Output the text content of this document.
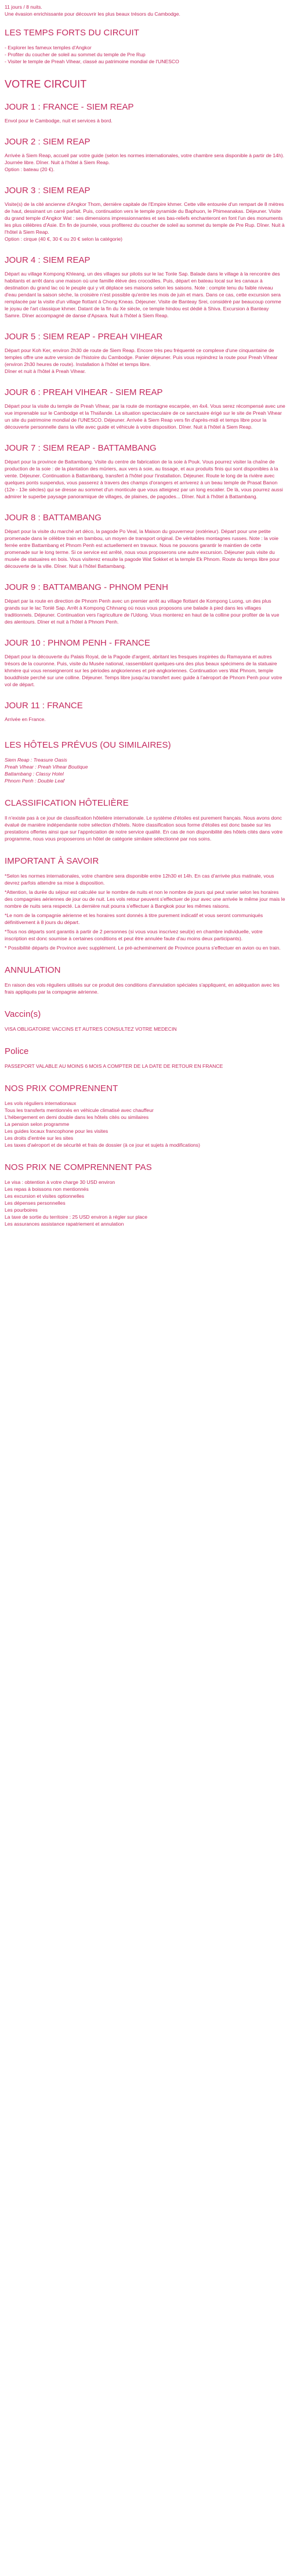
11 jours / 8 nuits.
Une évasion enrichissante pour découvrir les plus beaux trésors du Cambodge.
LES TEMPS FORTS DU CIRCUIT
- Explorer les fameux temples d'Angkor
- Profiter du coucher de soleil au sommet du temple de Pre Rup
- Visiter le temple de Preah Vihear, classé au patrimoine mondial de l'UNESCO
VOTRE CIRCUIT
JOUR 1 : FRANCE - SIEM REAP
Envol pour le Cambodge, nuit et services à bord.
JOUR 2 : SIEM REAP
Arrivée à Siem Reap, accueil par votre guide (selon les normes internationales, votre chambre sera disponible à partir de 14h). Journée libre. Dîner. Nuit à l'hôtel à Siem Reap.
Option : bateau (20 €).
JOUR 3 : SIEM REAP
Visite(s) de la cité ancienne d'Angkor Thom, dernière capitale de l'Empire khmer. Cette ville entourée d'un rempart de 8 mètres de haut, dessinant un carré parfait. Puis, continuation vers le temple pyramide du Baphuon, le Phimeanakas. Déjeuner. Visite du grand temple d'Angkor Wat : ses dimensions impressionnantes et ses bas-reliefs enchanteront en font l'un des monuments les plus célèbres d'Asie. En fin de journée, vous profiterez du coucher de soleil au sommet du temple de Pre Rup. Dîner. Nuit à l'hôtel à Siem Reap.
Option : cirque (40 €, 30 € ou 20 € selon la catégorie)
JOUR 4 : SIEM REAP
Départ au village Kompong Khleang, un des villages sur pilotis sur le lac Tonle Sap. Balade dans le village à la rencontre des habitants et arrêt dans une maison où une famille élève des crocodiles. Puis, départ en bateau local sur les canaux à destination du grand lac où le peuple qui y vit déplace ses maisons selon les saisons. Note : compte tenu du faible niveau d'eau pendant la saison sèche, la croisière n'est possible qu'entre les mois de juin et mars. Dans ce cas, cette excursion sera remplacée par la visite d'un village flottant à Chong Kneas. Déjeuner. Visite de Banteay Srei, considéré par beaucoup comme le joyau de l'art classique khmer. Datant de la fin du Xe siècle, ce temple hindou est dédié à Shiva. Excursion à Banteay Samre. Dîner accompagné de danse d'Apsara. Nuit à l'hôtel à Siem Reap.
JOUR 5 : SIEM REAP - PREAH VIHEAR
Départ pour Koh Ker, environ 2h30 de route de Siem Reap. Encore très peu fréquenté ce complexe d'une cinquantaine de temples offre une autre version de l'histoire du Cambodge. Panier déjeuner. Puis vous rejoindrez la route pour Preah Vihear (environ 2h30 heures de route). Installation à l'hôtel et temps libre.
Dîner et nuit à l'hôtel à Preah Vihear.
JOUR 6 : PREAH VIHEAR - SIEM REAP
Départ pour la visite du temple de Preah Vihear, par la route de montagne escarpée, en 4x4. Vous serez récompensé avec une vue imprenable sur le Cambodge et la Thaïlande. La situation spectaculaire de ce sanctuaire érigé sur le site de Preah Vihear un site du patrimoine mondial de l'UNESCO. Déjeuner. Arrivée à Siem Reap vers fin d'après-midi et temps libre pour la découverte personnelle dans la ville avec guide et véhicule à votre disposition. Dîner. Nuit à l'hôtel à Siem Reap.
JOUR 7 : SIEM REAP - BATTAMBANG
Départ pour la province de Battambang. Visite du centre de fabrication de la soie à Pouk. Vous pourrez visiter la chaîne de production de la soie : de la plantation des mûriers, aux vers à soie, au tissage, et aux produits finis qui sont disponibles à la vente. Déjeuner. Continuation à Battambang, transfert à l'hôtel pour l'installation. Déjeuner. Route le long de la rivière avec quelques ponts suspendus, vous passerez à travers des champs d'orangers et arriverez à un beau temple de Prasat Banon (12e - 13e siècles) qui se dresse au sommet d'un monticule que vous atteignez par un long escalier. De là, vous pourrez aussi admirer le superbe paysage panoramique de villages, de plaines, de pagodes... Dîner. Nuit à l'hôtel à Battambang.
JOUR 8 : BATTAMBANG
Départ pour la visite du marché art déco, la pagode Po Veal, la Maison du gouverneur (extérieur). Départ pour une petite promenade dans le célèbre train en bambou, un moyen de transport original. De véritables montagnes russes. Note : la voie ferrée entre Battambang et Phnom Penh est actuellement en travaux. Nous ne pouvons garantir le maintien de cette promenade sur le long terme. Si ce service est arrêté, nous vous proposerons une autre excursion. Déjeuner puis visite du musée de statuaires en bois. Vous visiterez ensuite la pagode Wat Sokket et la temple Ek Phnom. Route du temps libre pour découverte de la ville. Dîner. Nuit à l'hôtel Battambang.
JOUR 9 : BATTAMBANG - PHNOM PENH
Départ par la route en direction de Phnom Penh avec un premier arrêt au village flottant de Kompong Luong, un des plus grands sur le lac Tonlé Sap. Arrêt à Kompong Chhnang où nous vous proposons une balade à pied dans les villages traditionnels. Déjeuner. Continuation vers l'agriculture de l'Udong. Vous monterez en haut de la colline pour profiter de la vue des alentours. Dîner et nuit à l'hôtel à Phnom Penh.
JOUR 10 : PHNOM PENH - FRANCE
Départ pour la découverte du Palais Royal, de la Pagode d'argent, abritant les fresques inspirées du Ramayana et autres trésors de la couronne. Puis, visite du Musée national, rassemblant quelques-uns des plus beaux spécimens de la statuaire khmère qui vous renseigneront sur les périodes angkoriennes et pré-angkoriennes. Continuation vers Wat Phnom, temple bouddhiste perché sur une colline. Déjeuner. Temps libre jusqu'au transfert avec guide à l'aéroport de Phnom Penh pour votre vol de départ.
JOUR 11 : FRANCE
Arrivée en France.
LES HÔTELS PRÉVUS (OU SIMILAIRES)
Siem Reap : Treasure Oasis
Preah Vihear : Preah Vihear Boutique
Battambang : Classy Hotel
Phnom Penh : Double Leaf
CLASSIFICATION HÔTELIÈRE
Il n'existe pas à ce jour de classification hôtelière internationale. Le système d'étoiles est purement français. Nous avons donc évalué de manière indépendante notre sélection d'hôtels. Notre classification sous forme d'étoiles est donc basée sur les prestations offertes ainsi que sur l'appréciation de notre service qualité. En cas de non disponibilité des hôtels cités dans votre programme, nous vous proposerons un hôtel de catégorie similaire sélectionné par nos soins.
IMPORTANT À SAVOIR
*Selon les normes internationales, votre chambre sera disponible entre 12h30 et 14h. En cas d'arrivée plus matinale, vous devrez parfois attendre sa mise à disposition.
*Attention, la durée du séjour est calculée sur le nombre de nuits et non le nombre de jours qui peut varier selon les horaires des compagnies aériennes de jour ou de nuit. Les vols retour peuvent s'effectuer de jour avec une arrivée le même jour mais le nombre de nuits sera respecté. La dernière nuit pourra s'effectuer à Bangkok pour les mêmes raisons.
*Le nom de la compagnie aérienne et les horaires sont donnés à titre purement indicatif et vous seront communiqués définitivement à 8 jours du départ.
*Tous nos départs sont garantis à partir de 2 personnes (si vous vous inscrivez seul(e) en chambre individuelle, votre inscription est donc soumise à certaines conditions et peut être annulée faute d'au moins deux participants).
* Possibilité départs de Province avec supplément. Le pré-acheminement de Province pourra s'effectuer en avion ou en train.
ANNULATION
En raison des vols réguliers utilisés sur ce produit des conditions d'annulation spéciales s'appliquent, en adéquation avec les frais appliqués par la compagnie aérienne.
Vaccin(s)
VISA OBLIGATOIRE VACCINS ET AUTRES CONSULTEZ VOTRE MEDECIN
Police
PASSEPORT VALABLE AU MOINS 6 MOIS A COMPTER DE LA DATE DE RETOUR EN FRANCE
NOS PRIX COMPRENNENT
Les vols réguliers internationaux
Tous les transferts mentionnés en véhicule climatisé avec chauffeur
L'hébergement en demi double dans les hôtels cités ou similaires
La pension selon programme
Les guides locaux francophone pour les visites
Les droits d'entrée sur les sites
Les taxes d'aéroport et de sécurité et frais de dossier (à ce jour et sujets à modifications)
NOS PRIX NE COMPRENNENT PAS
Le visa : obtention à votre charge 30 USD environ
Les repas à boissons non mentionnés
Les excursion et visites optionnelles
Les dépenses personnelles
Les pourboires
La taxe de sortie du territoire : 25 USD environ à régler sur place
Les assurances assistance rapatriement et annulation
